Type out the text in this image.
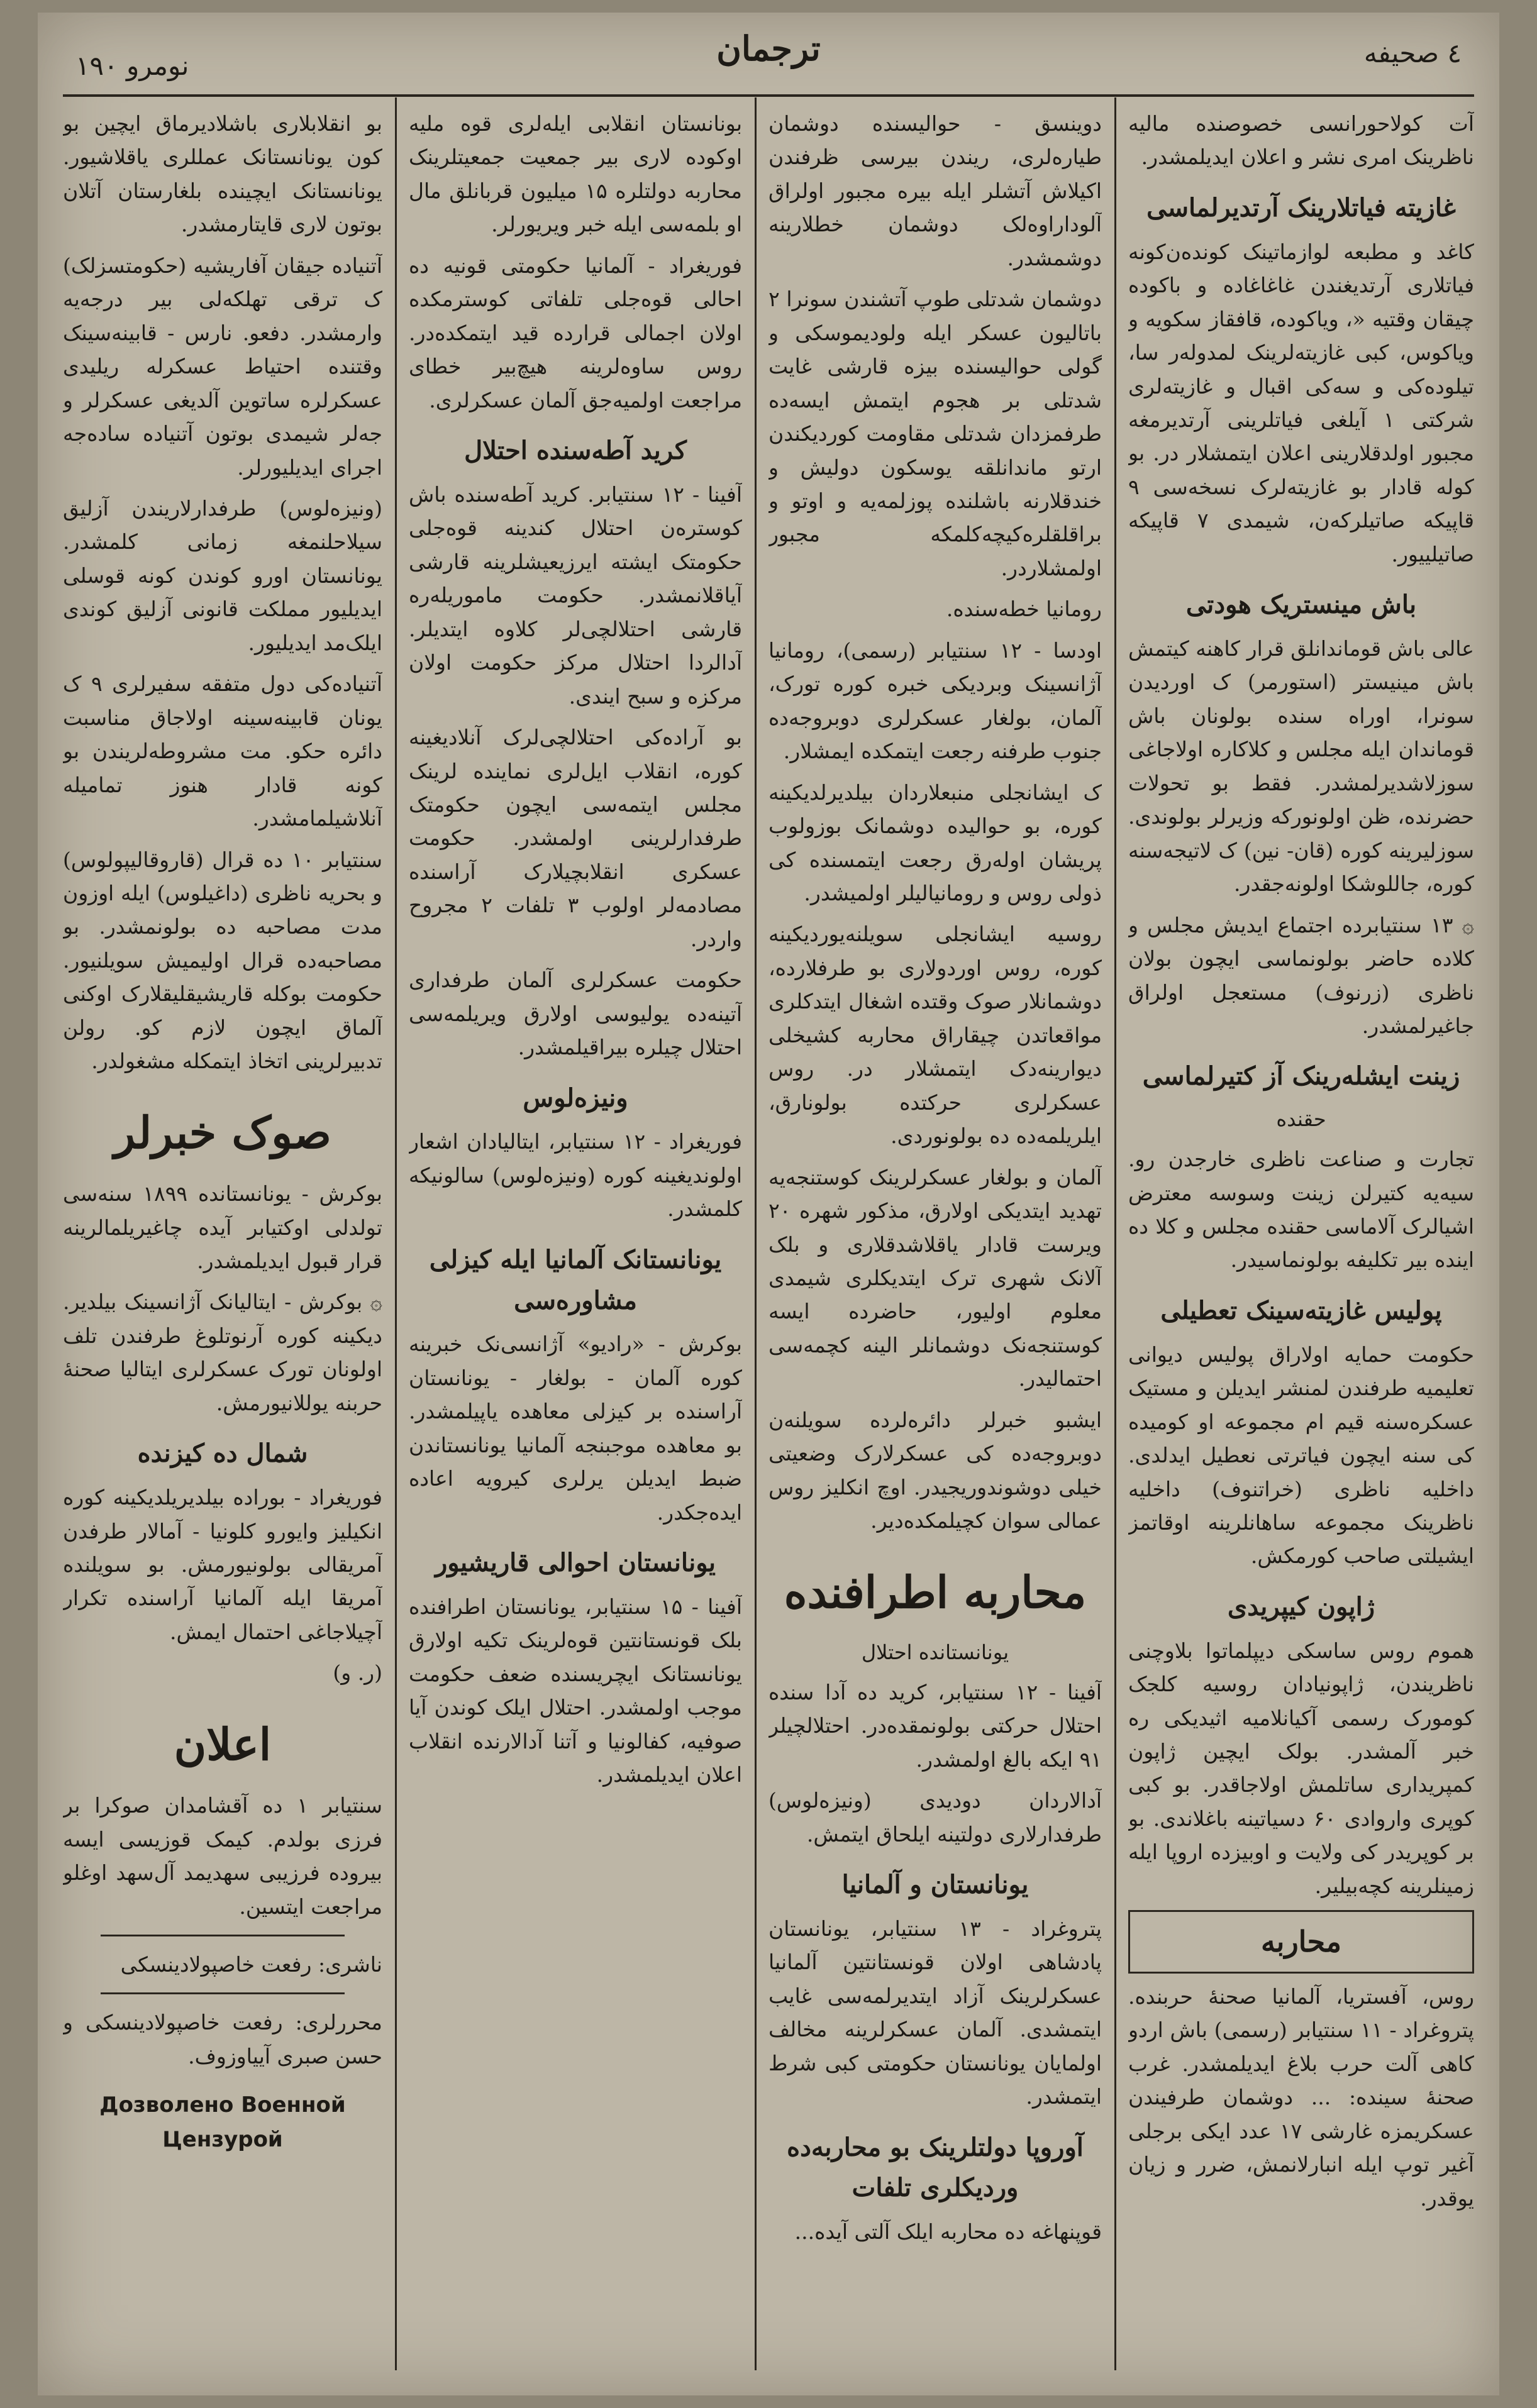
٤ صحیفه
ترجمان
نومرو ١٩٠

بو انقلابلاری باشلادیرماق ایچین بو کون یونانستانک عمللری یاقلاشیور. یونانستانک ایچینده بلغارستان آتلان بوتون لاری قایتارمشدر.

آتنیاده جیقان آفاریشیه (حکومتسزلک) ک ترقی تهلکه‌لی بیر درجه‌یه وارمشدر. دفعو. نارس - قابینه‌سینک وقتنده احتیاط عسکرله ریلیدی عسکرلره ساتوین آلدیغی عسکرلر و جه‌لر شیمدی بوتون آتنیاده ساده‌جه اجرای ایدیلیورلر.

(ونیزه‌لوس) طرفدارلاریندن آزلیق سیلاحلنمغه زمانی کلمشدر. یونانستان اورو کوندن کونه قوسلی ایدیلیور مملکت قانونی آزلیق کوندی ایلک‌مد ایدیلیور.

آتنیاده‌کی دول متفقه سفیرلری ۹ ک یونان قابینه‌سینه اولاجاق مناسبت دائره حکو. مت مشروطه‌لریندن بو کونه قادار هنوز تمامیله آنلاشیلمامشدر.

سنتیابر ۱۰ ده قرال (قاروقالیپولوس) و بحریه ناظری (داغیلوس) ایله اوزون مدت مصاحبه ده بولونمشدر. بو مصاحبه‌ده قرال اولیمیش سویلنیور. حکومت بوکله قاریشیقلیقلارک اوکنی آلماق ایچون لازم کو. رولن تدبیرلرینی اتخاذ ایتمکله مشغولدر.

صوک خبرلر

بوکرش - یونانستانده ۱۸۹۹ سنه‌سی تولدلی اوکتیابر آیده چاغیریلمالرینه قرار قبول ایدیلمشدر.

۞ بوکرش - ایتالیانک آژانسینک بیلدیر. دیکینه کوره آرنوتلوغ طرفندن تلف اولونان تورک عسکرلری ایتالیا صحنهٔ حربنه یوللانیورمش.

شمال ده کیزنده

فوریغراد - بوراده بیلدیریلدیکینه کوره انکیلیز وایورو کلونیا - آمالار طرفدن آمریقالی بولونیورمش. بو سویلنده آمریقا ایله آلمانیا آراسنده تکرار آچیلاجاغی احتمال ایمش.

(ر. و)

اعلان

سنتیابر ۱ ده آقشامدان صوکرا بر فرزی بولدم. کیمک قوزیسی ایسه بیروده فرزیبی سهدیمد آل‌سهد اوغلو مراجعت ایتسین.

ناشری: رفعت خاصپولادینسکی

محررلری: رفعت خاصپولادینسکی و حسن صبری آییاوزوف.

Дозволено Военной Цензурой

بونانستان انقلابی ایله‌لری قوه ملیه اوکوده لاری بیر جمعیت جمعیتلرینک محاربه دولتلره ۱۵ میلیون قربانلق مال او بلمه‌سی ایله خبر ویریورلر.

فوریغراد - آلمانیا حکومتی قونیه ده احالی قوه‌جلی تلفاتی کوسترمکده اولان اجمالی قرارده قید ایتمکده‌در. روس ساوه‌لرینه هیچ‌بیر خطای مراجعت اولمیه‌جق آلمان عسکرلری.

کرید آطه‌سنده احتلال

آفینا - ۱۲ سنتیابر. کرید آطه‌سنده باش کوستره‌ن احتلال کندینه قوه‌جلی حکومتک ایشته ایرزیعیشلرینه قارشی آیاقلانمشدر. حکومت ماموریله‌ره قارشی احتلالچی‌لر کلاوه ایتدیلر. آدالردا احتلال مرکز حکومت اولان مرکزه و سبح ایندی.

بو آراده‌کی احتلالچی‌لرک آنلادیغینه کوره، انقلاب ایل‌لری نماینده‌ لرینک مجلس ایتمه‌سی ایچون حکومتک طرفدارلرینی اولمشدر. حکومت عسکری انقلابچیلارک آراسنده مصادمه‌لر اولوب ۳ تلفات ۲ مجروح واردر.

حکومت عسکرلری آلمان طرفداری آتینه‌ده یولیوسی اولارق ویریلمه‌سی احتلال چیلره بیراقیلمشدر.

ونیزه‌لوس

فوریغراد - ۱۲ سنتیابر، ایتالیادان اشعار اولوندیغینه کوره (ونیزه‌لوس) سالونیکه کلمشدر.

یونانستانک آلمانیا ایله کیزلی مشاوره‌سی

بوکرش - «رادیو» آژانسی‌نک خبرینه کوره آلمان - بولغار - یونانستان آراسنده بر کیزلی معاهده یاپیلمشدر. بو معاهده موجبنجه آلمانیا یونانستاندن ضبط ایدیلن یرلری کیرویه اعاده ایده‌جکدر.

یونانستان احوالی قاریشیور

آفینا - ۱۵ سنتیابر، یونانستان اطرافنده بلک قونستانتین قوه‌لرینک تکیه اولارق یونانستانک ایچریسنده ضعف حکومت موجب اولمشدر. احتلال ایلک کوندن آیا صوفیه، کفالونیا و آتنا آدالارنده انقلاب اعلان ایدیلمشدر.

دوینسق - حوالیسنده دوشمان طیاره‌لری، ریندن بیرسی ظرفندن اکیلاش آتشلر ایله بیره مجبور اولراق آلوداراوه‌لک دوشمان خطلارینه دوشمشدر.

دوشمان شدتلی طوپ آتشندن سونرا ۲ باتالیون عسکر ایله ولودیموسکی و گولی حوالیسنده بیزه قارشی غایت شدتلی بر هجوم ایتمش ایسه‌ده طرفمزدان شدتلی مقاومت کوردیکندن ارتو ماندانلقه یوسکون دولیش و خندقلارنه باشلنده پوزلمه‌یه و اوتو و براقلقلره‌کیچه‌کلمکه مجبور اولمشلاردر.

رومانیا خطه‌سنده.

اودسا - ۱۲ سنتیابر (رسمی)، رومانیا آژانسینک وبردیکی خبره کوره تورک، آلمان، بولغار عسکرلری دوبروجه‌ده جنوب طرفنه رجعت ایتمکده ایمشلار.

ک ایشانجلی منبعلاردان بیلدیرلدیکینه کوره، بو حوالیده دوشمانک بوزولوب پریشان اوله‌رق رجعت ایتمسنده کی ذولی روس و رومانیالیلر اولمیشدر.

روسیه ایشانجلی سویلنه‌یوردیکینه کوره، روس اوردولاری بو طرفلارده، دوشمانلار صوک وقتده اشغال ایتدکلری مواقعاتدن چیقاراق محاربه کشیخلی دیوارینه‌دک ایتمشلار در. روس عسکرلری حرکتده بولونارق، ایلریلمه‌ده ده بولونوردی.

آلمان و بولغار عسکرلرینک کوستنجه‌یه تهدید ایتدیکی اولارق، مذکور شهره ۲۰ ویرست قادار یاقلاشدقلاری و بلک آلانک شهری ترک ایتدیکلری شیمدی معلوم اولیور، حاضرده ایسه کوستنجه‌نک دوشمانلر الینه کچمه‌سی احتمالیدر.

ایشبو خبرلر دائره‌لرده سویلنه‌ن دوبروجه‌ده کی عسکرلارک وضعیتی خیلی دوشوندوریجیدر. اوچ انکلیز روس عمالی سوان کچیلمکده‌دیر.

محاربه اطرافنده
یونانستانده احتلال

آفینا - ۱۲ سنتیابر، کرید ده آدا سنده احتلال حرکتی بولونمقده‌در. احتلالچیلر ۹۱ ایکه بالغ اولمشدر.

آدالاردان دودیدی (ونیزه‌لوس) طرفدارلاری دولتینه ایلحاق ایتمش.

یونانستان و آلمانیا

پتروغراد - ۱۳ سنتیابر، یونانستان پادشاهی اولان قونستانتین آلمانیا عسکرلرینک آزاد ایتدیرلمه‌سی غایب ایتمشدی. آلمان عسکرلرینه مخالف اولمایان یونانستان حکومتی کبی شرط ایتمشدر.

آوروپا دولتلرینک بو محاربه‌ده وردیکلری تلفات

قوپنهاغه ده محاربه ایلک آلتی آیده...

آت کولاحورانسی خصوصنده مالیه ناظرینک امری نشر و اعلان ایدیلمشدر.

غازیته فیاتلارینک آرتدیرلماسی

کاغد و مطبعه لوازماتینک کونده‌ن‌کونه فیاتلاری آرتدیغندن غاغاغاده و باکوده چیقان وقتیه «، ویاکوده، قافقاز سکویه و ویاکوس، کبی غازیته‌لرینک لمدوله‌ر سا، تیلوده‌کی و سه‌کی اقبال و غازیته‌لری شرکتی ۱ آیلغی فیاتلرینی آرتدیرمغه مجبور اولدقلارینی اعلان ایتمشلار در. بو کوله قادار بو غازیته‌لرک نسخه‌سی ۹ قاپیکه صاتیلرکه‌ن، شیمدی ۷ قاپیکه صاتیلییور.

باش مینستریک هودتی

عالی باش قوماندانلق قرار کاهنه کیتمش باش مینیستر (استورمر) ک اوردیدن سونرا، اوراه سنده بولونان باش قوماندان ایله مجلس و کلاکاره اولاجاغی سوزلاشدیرلمشدر. فقط بو تحولات حضرنده، ظن اولونورکه وزیرلر بولوندی. سوزلیرینه کوره (قان- نین) ک لاتیجه‌سنه کوره، جاللوشکا اولونه‌جقدر.

۞ ۱۳ سنتیابرده اجتماع ایدیش مجلس و کلاده حاضر بولونماسی ایچون بولان ناظری (زرنوف) مستعجل اولراق جاغیرلمشدر.

زینت ایشله‌رینک آز کتیرلماسی
حقنده

تجارت و صناعت ناظری خارجدن رو. سیه‌یه کتیرلن زینت وسوسه معترض اشیالرک آلاماسی حقنده مجلس و کلا ده اینده بیر تکلیفه بولونماسیدر.

پولیس غازیته‌سینک تعطیلی

حکومت حمایه اولاراق پولیس دیوانی تعلیمیه طرفندن لمنشر ایدیلن و مستیک عسکره‌سنه قیم ام مجموعه او کومیده کی سنه ایچون فیاترتی نعطیل ایدلدی. داخلیه ناظری (خراتنوف) داخلیه ناظرینک مجموعه ساهانلرینه اوقاتمز ایشیلتی صاحب کورمکش.

ژاپون کیپریدی

هموم روس ساسکی دیپلماتوا بلاوچنی ناظریندن، ژاپونیادان روسیه کلجک کومورک رسمی آکیانلامیه اثیدیکی ره خبر آلمشدر. بولک ایچین ژاپون کمپریداری ساتلمش اولاجاقدر. بو کبی کوپری واروادی ۶۰ دسیاتینه باغلاندی. بو بر کوپریدر کی ولایت و اوبیزده اروپا ایله زمینلرینه کچه‌بیلیر.

محاربه

روس، آفستریا، آلمانیا صحنهٔ حربنده. پتروغراد - ۱۱ سنتیابر (رسمی) باش اردو کاهی آلت حرب بلاغ ایدیلمشدر. غرب صحنهٔ سینده: ... دوشمان طرفیندن عسکریمزه غارشی ۱۷ عدد ایکی برجلی آغیر توپ ایله انبارلانمش، ضرر و زیان یوقدر.
